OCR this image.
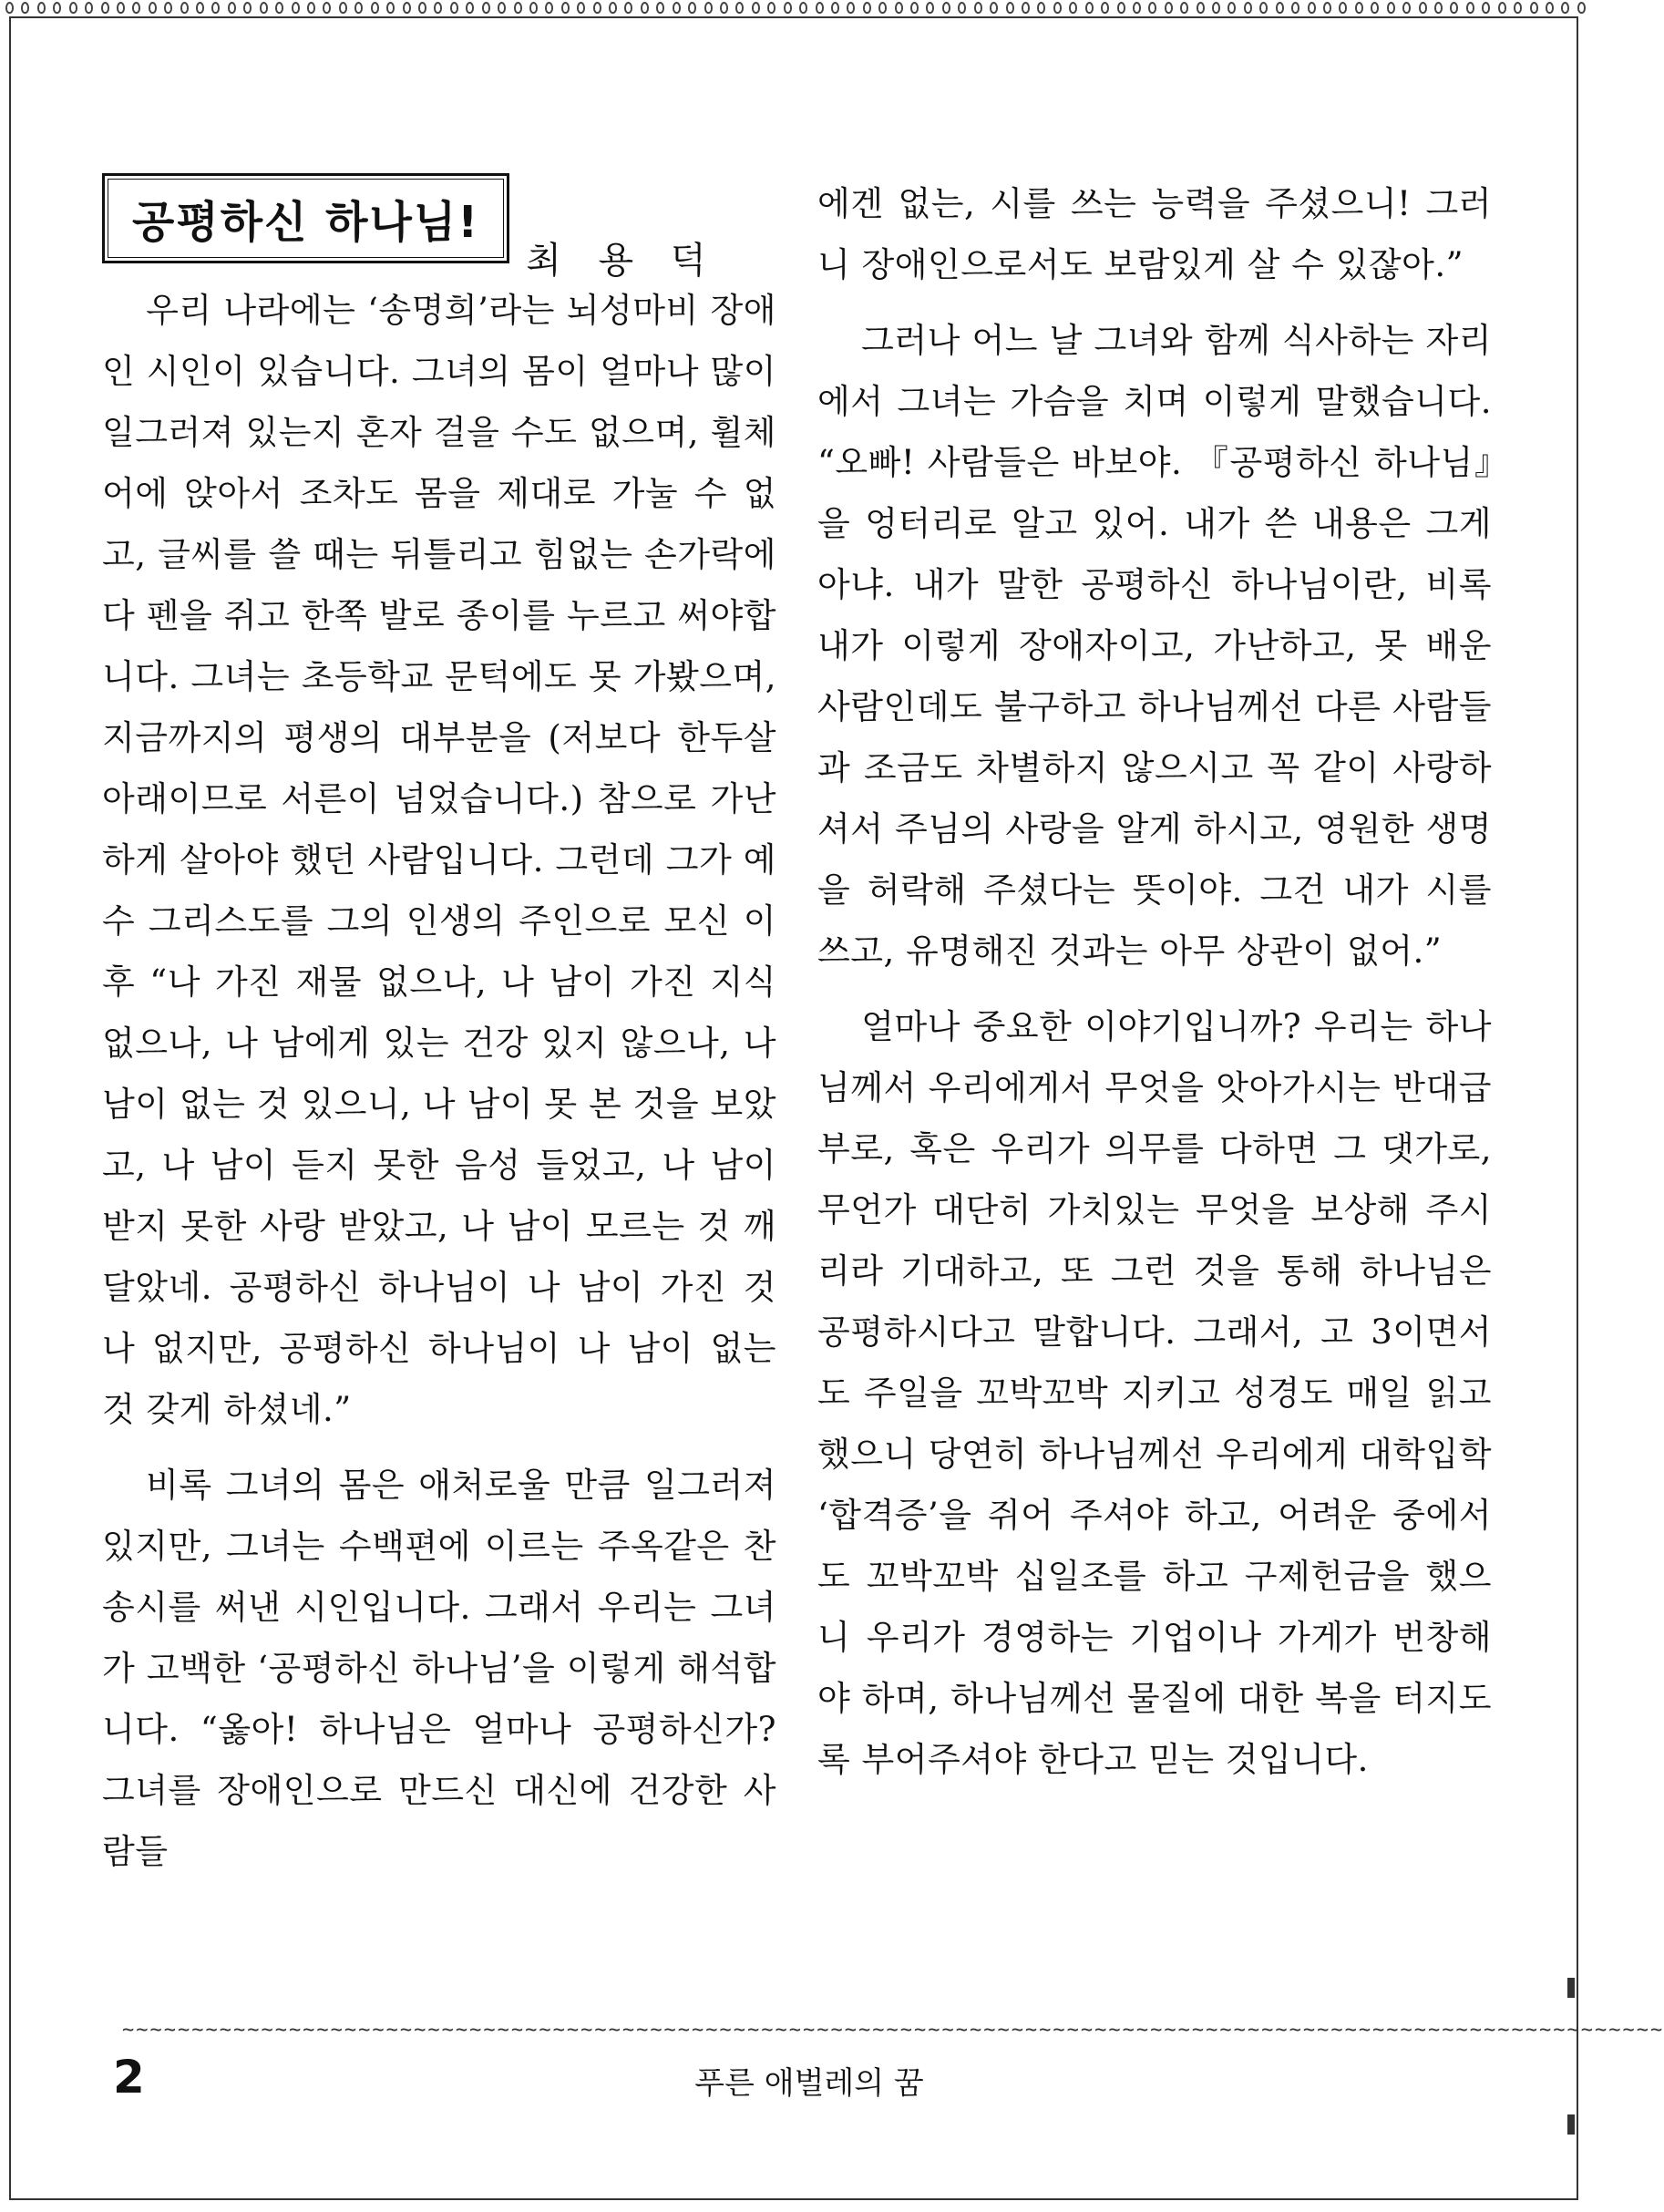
공평하신 하나님!
최 용 덕

우리 나라에는 ‘송명희’라는 뇌성마비 장애인 시인이 있습니다. 그녀의 몸이 얼마나 많이 일그러져 있는지 혼자 걸을 수도 없으며, 휠체어에 앉아서 조차도 몸을 제대로 가눌 수 없고, 글씨를 쓸 때는 뒤틀리고 힘없는 손가락에다 펜을 쥐고 한쪽 발로 종이를 누르고 써야합니다. 그녀는 초등학교 문턱에도 못 가봤으며, 지금까지의 평생의 대부분을 (저보다 한두살 아래이므로 서른이 넘었습니다.) 참으로 가난하게 살아야 했던 사람입니다. 그런데 그가 예수 그리스도를 그의 인생의 주인으로 모신 이후 “나 가진 재물 없으나, 나 남이 가진 지식 없으나, 나 남에게 있는 건강 있지 않으나, 나 남이 없는 것 있으니, 나 남이 못 본 것을 보았고, 나 남이 듣지 못한 음성 들었고, 나 남이 받지 못한 사랑 받았고, 나 남이 모르는 것 깨달았네. 공평하신 하나님이 나 남이 가진 것 나 없지만, 공평하신 하나님이 나 남이 없는 것 갖게 하셨네.”

비록 그녀의 몸은 애처로울 만큼 일그러져 있지만, 그녀는 수백편에 이르는 주옥같은 찬송시를 써낸 시인입니다. 그래서 우리는 그녀가 고백한 ‘공평하신 하나님’을 이렇게 해석합니다. “옳아! 하나님은 얼마나 공평하신가? 그녀를 장애인으로 만드신 대신에 건강한 사람들

에겐 없는, 시를 쓰는 능력을 주셨으니! 그러니 장애인으로서도 보람있게 살 수 있잖아.”

그러나 어느 날 그녀와 함께 식사하는 자리에서 그녀는 가슴을 치며 이렇게 말했습니다. “오빠! 사람들은 바보야. 『공평하신 하나님』을 엉터리로 알고 있어. 내가 쓴 내용은 그게 아냐. 내가 말한 공평하신 하나님이란, 비록 내가 이렇게 장애자이고, 가난하고, 못 배운 사람인데도 불구하고 하나님께선 다른 사람들과 조금도 차별하지 않으시고 꼭 같이 사랑하셔서 주님의 사랑을 알게 하시고, 영원한 생명을 허락해 주셨다는 뜻이야. 그건 내가 시를 쓰고, 유명해진 것과는 아무 상관이 없어.”

얼마나 중요한 이야기입니까? 우리는 하나님께서 우리에게서 무엇을 앗아가시는 반대급부로, 혹은 우리가 의무를 다하면 그 댓가로, 무언가 대단히 가치있는 무엇을 보상해 주시리라 기대하고, 또 그런 것을 통해 하나님은 공평하시다고 말합니다. 그래서, 고 3이면서도 주일을 꼬박꼬박 지키고 성경도 매일 읽고 했으니 당연히 하나님께선 우리에게 대학입학 ‘합격증’을 쥐어 주셔야 하고, 어려운 중에서도 꼬박꼬박 십일조를 하고 구제헌금을 했으니 우리가 경영하는 기업이나 가게가 번창해야 하며, 하나님께선 물질에 대한 복을 터지도록 부어주셔야 한다고 믿는 것입니다.

~~~~~~~~~~~~~~~~~~~~~~~~~~~~~~~~~~~~~~~~~~~~~~~~~~~~~~~~~~~~~~~~~~~~~~~~~~~~~~~~~~~~~~~~~~~~~~~~~~~~~~~~~~~~~~~
2	푸른 애벌레의 꿈
